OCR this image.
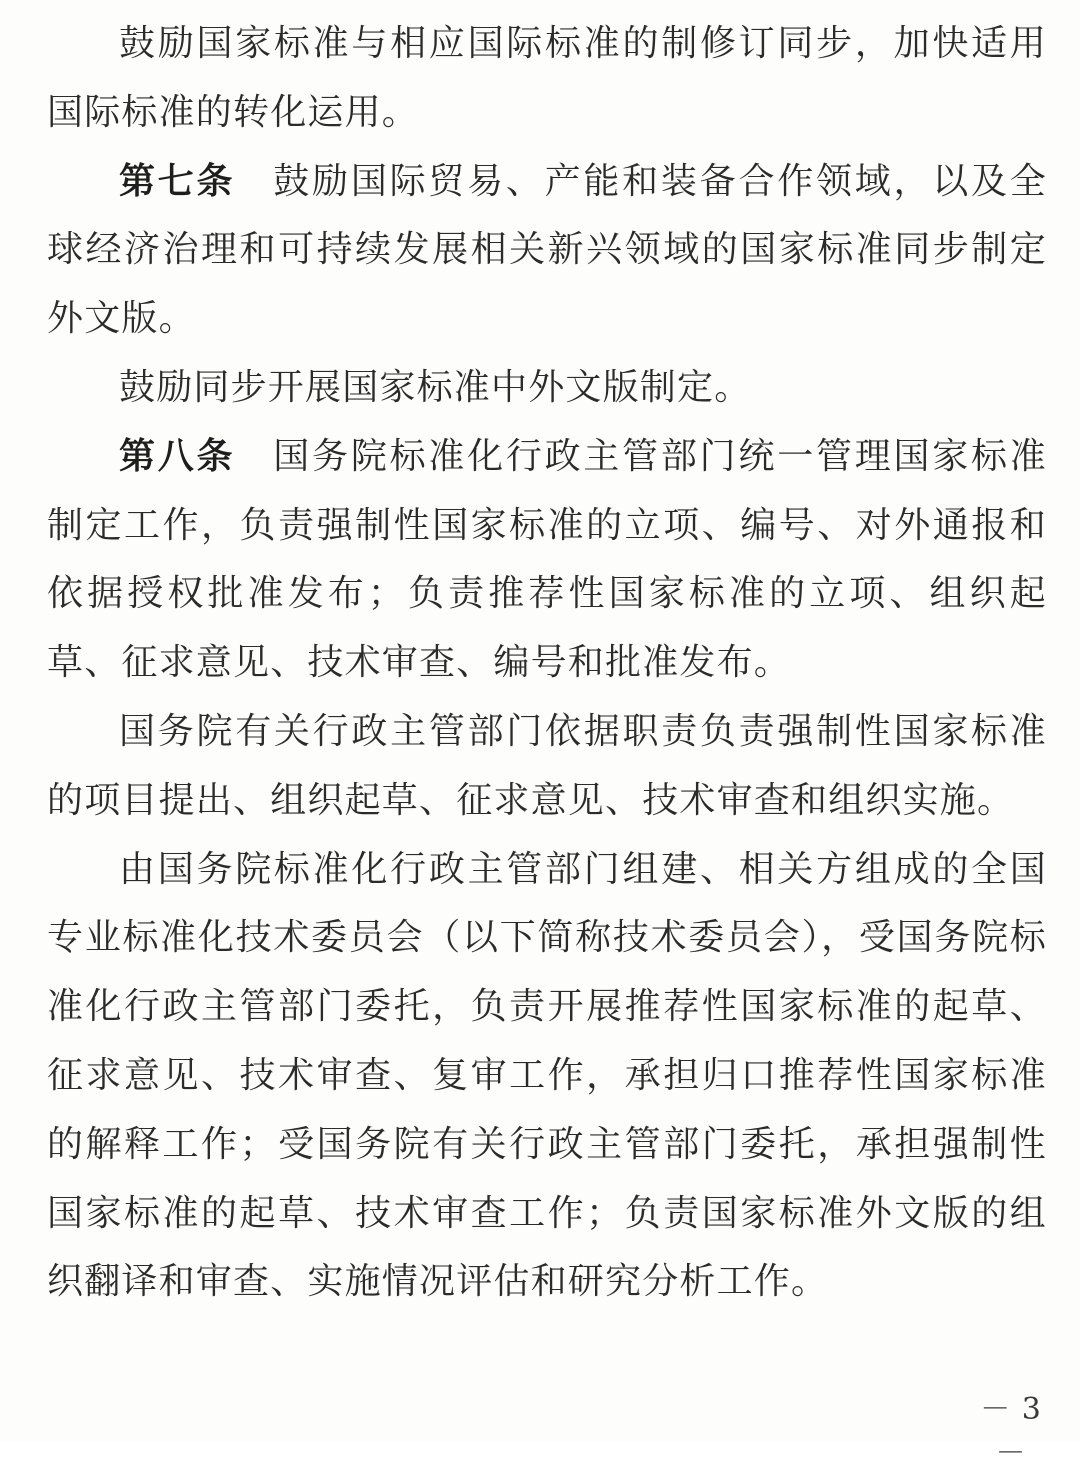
鼓励国家标准与相应国际标准的制修订同步，加快适用国际标准的转化运用。

第七条 鼓励国际贸易、产能和装备合作领域，以及全球经济治理和可持续发展相关新兴领域的国家标准同步制定外文版。

鼓励同步开展国家标准中外文版制定。

第八条 国务院标准化行政主管部门统一管理国家标准制定工作，负责强制性国家标准的立项、编号、对外通报和依据授权批准发布；负责推荐性国家标准的立项、组织起草、征求意见、技术审查、编号和批准发布。

国务院有关行政主管部门依据职责负责强制性国家标准的项目提出、组织起草、征求意见、技术审查和组织实施。

由国务院标准化行政主管部门组建、相关方组成的全国专业标准化技术委员会（以下简称技术委员会），受国务院标准化行政主管部门委托，负责开展推荐性国家标准的起草、征求意见、技术审查、复审工作，承担归口推荐性国家标准的解释工作；受国务院有关行政主管部门委托，承担强制性国家标准的起草、技术审查工作；负责国家标准外文版的组织翻译和审查、实施情况评估和研究分析工作。

－ 3 －
